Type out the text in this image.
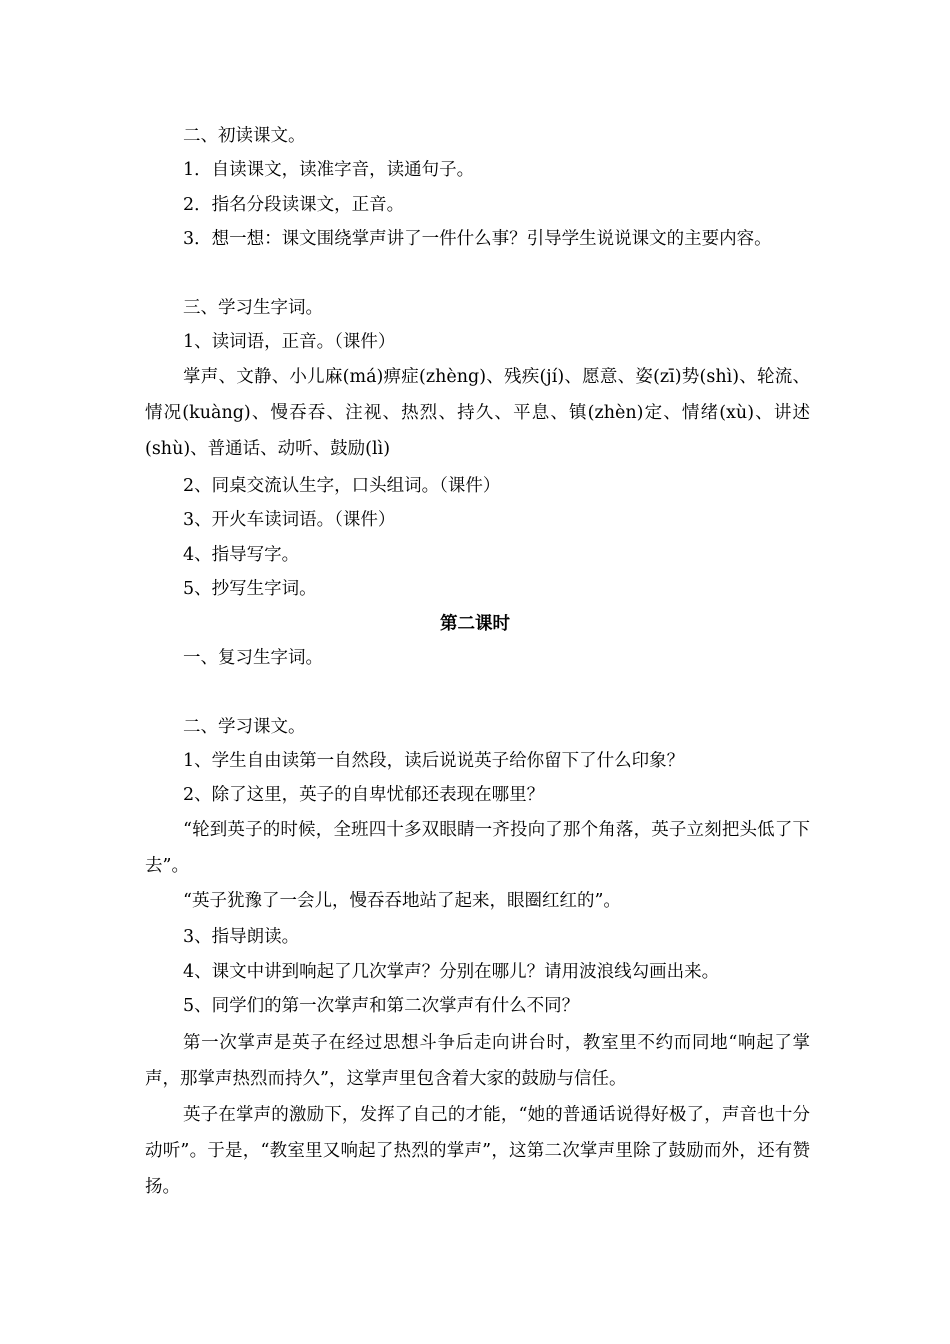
二、初读课文。
1．自读课文，读准字音，读通句子。
2．指名分段读课文，正音。
3．想一想：课文围绕掌声讲了一件什么事？引导学生说说课文的主要内容。
三、学习生字词。
1、读词语，正音。（课件）
掌声、文静、小儿麻(má)痹症(zhèng)、残疾(jí)、愿意、姿(zī)势(shì)、轮流、情况(kuàng)、慢吞吞、注视、热烈、持久、平息、镇(zhèn)定、情绪(xù)、讲述(shù)、普通话、动听、鼓励(lì)
2、同桌交流认生字，口头组词。（课件）
3、开火车读词语。（课件）
4、指导写字。
5、抄写生字词。
第二课时
一、复习生字词。
二、学习课文。
1、学生自由读第一自然段，读后说说英子给你留下了什么印象？
2、除了这里，英子的自卑忧郁还表现在哪里？
“轮到英子的时候，全班四十多双眼睛一齐投向了那个角落，英子立刻把头低了下去”。
“英子犹豫了一会儿，慢吞吞地站了起来，眼圈红红的”。
3、指导朗读。
4、课文中讲到响起了几次掌声？分别在哪儿？请用波浪线勾画出来。
5、同学们的第一次掌声和第二次掌声有什么不同？
第一次掌声是英子在经过思想斗争后走向讲台时，教室里不约而同地“响起了掌声，那掌声热烈而持久”，这掌声里包含着大家的鼓励与信任。
英子在掌声的激励下，发挥了自己的才能，“她的普通话说得好极了，声音也十分动听”。于是，“教室里又响起了热烈的掌声”，这第二次掌声里除了鼓励而外，还有赞扬。
